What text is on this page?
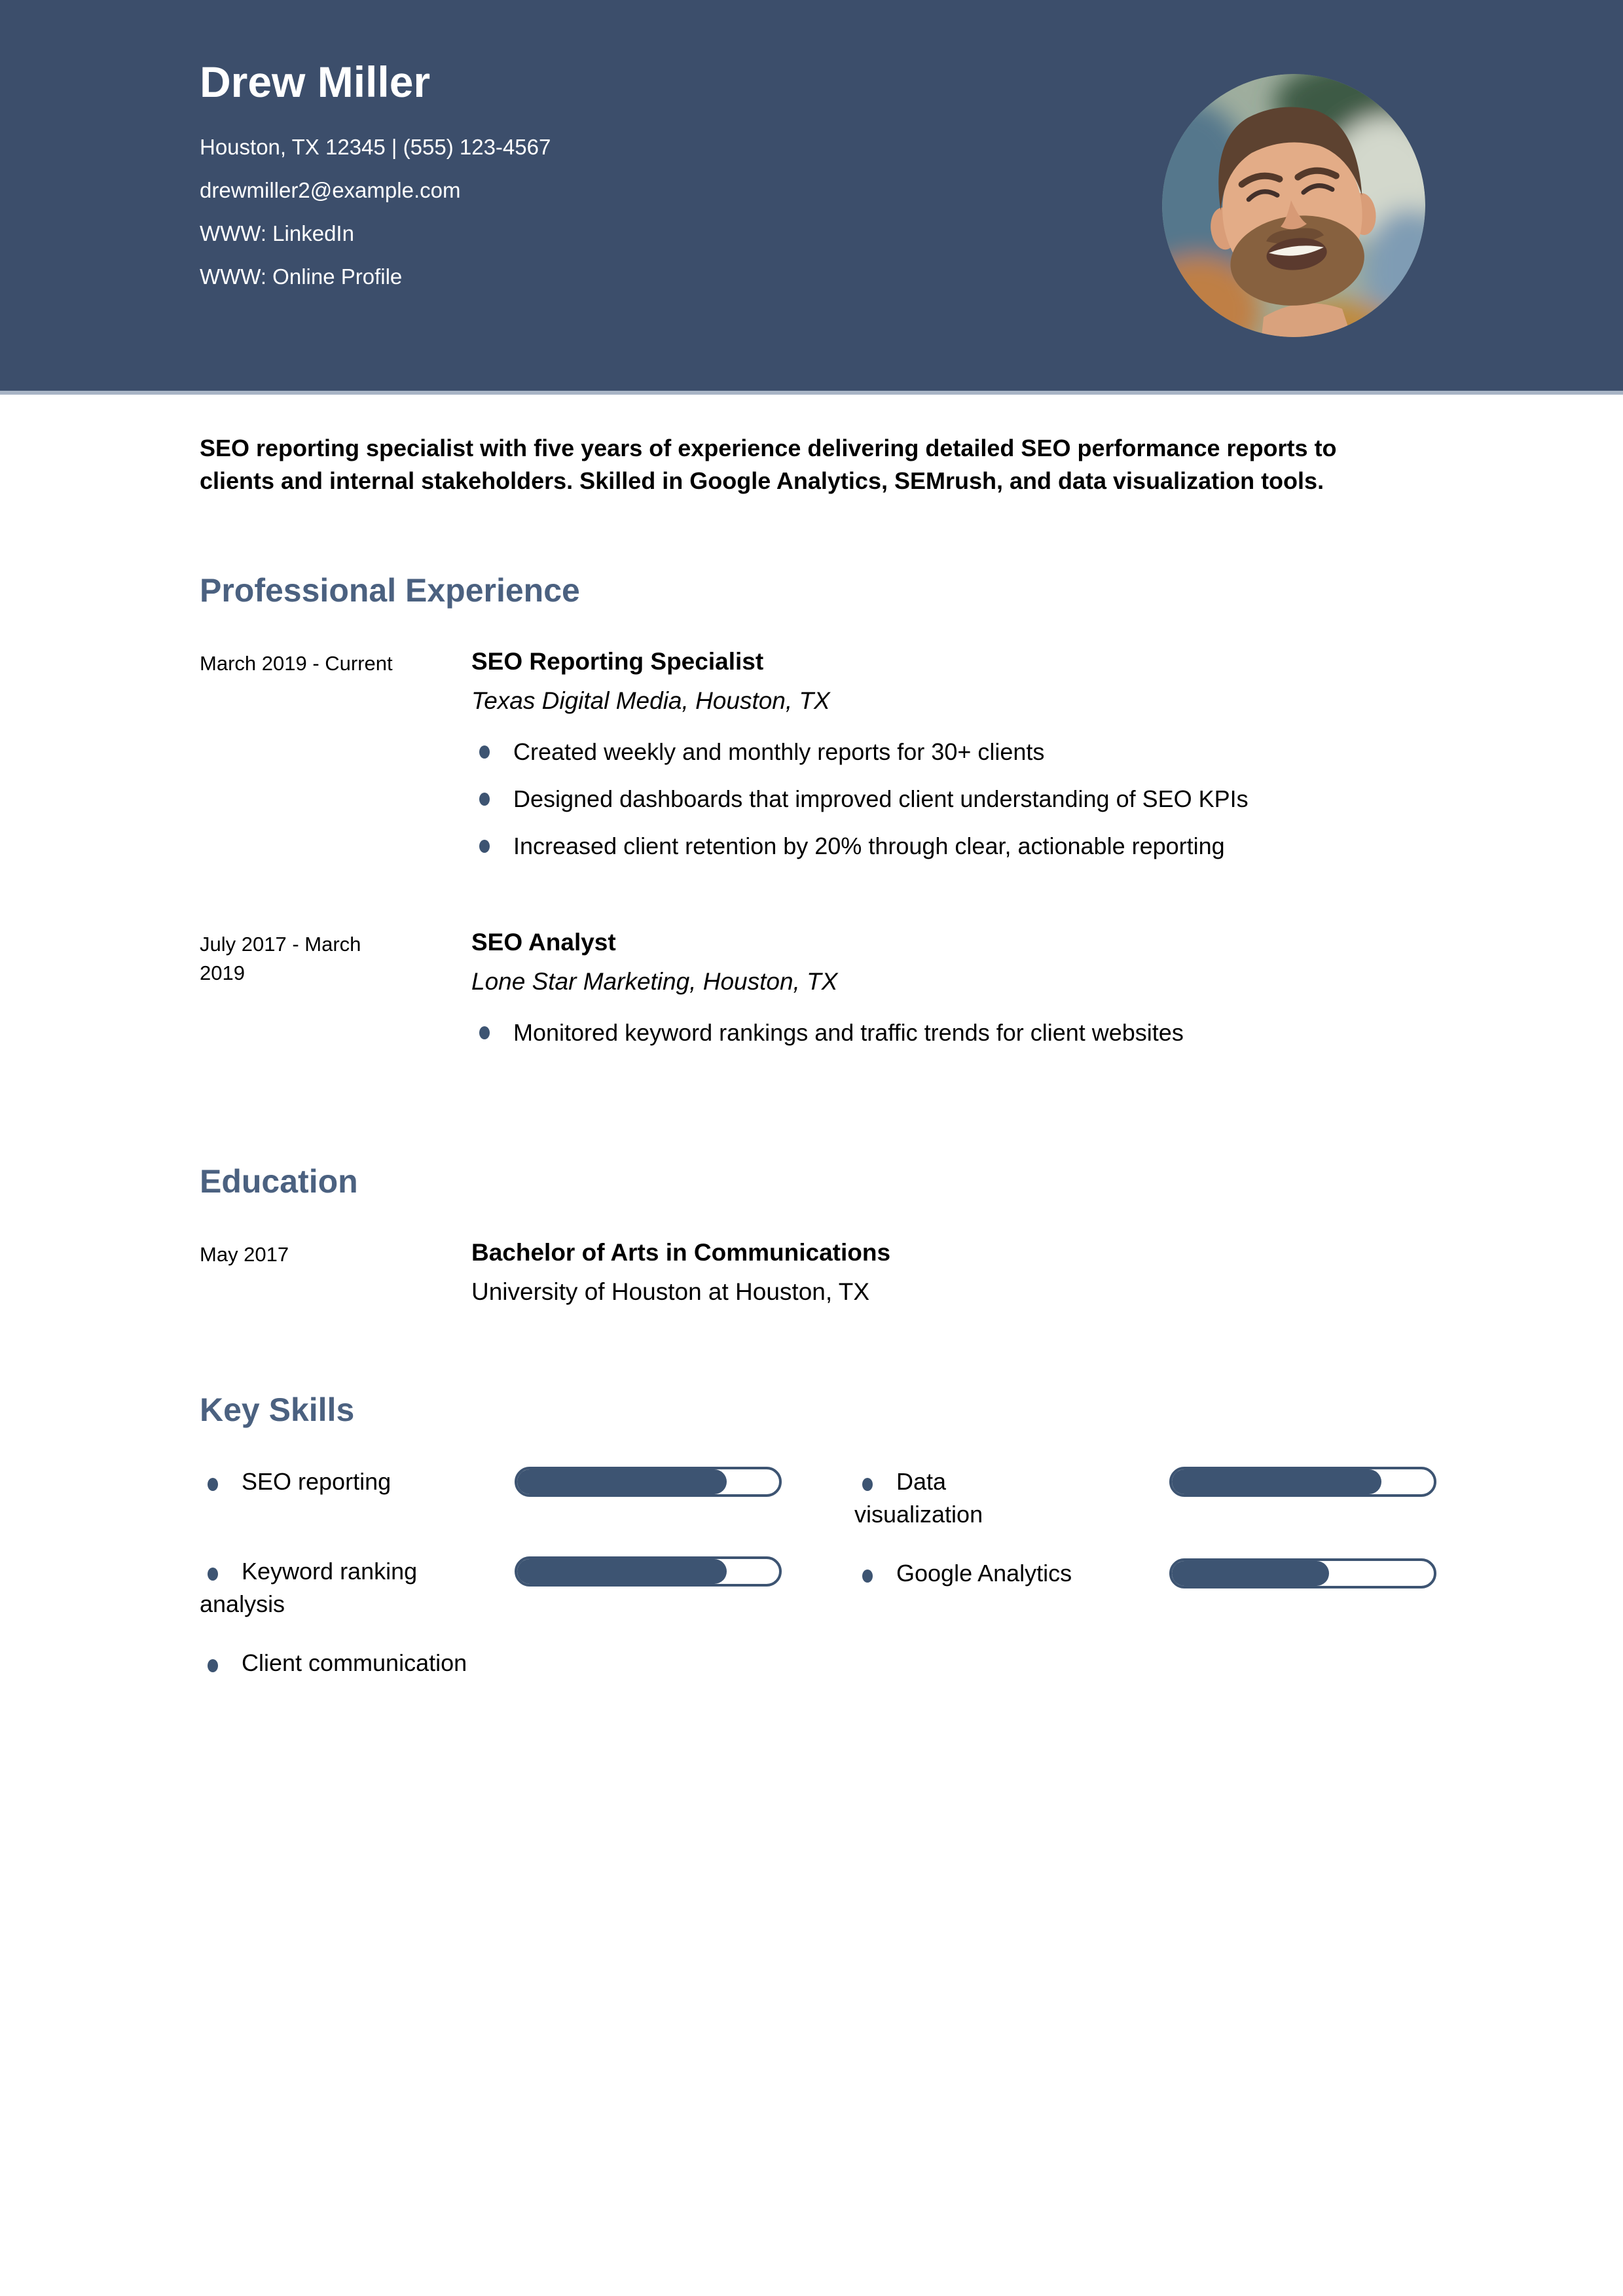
Drew Miller
Houston, TX 12345 | (555) 123-4567
drewmiller2@example.com
WWW: LinkedIn
WWW: Online Profile

SEO reporting specialist with five years of experience delivering detailed SEO performance reports to clients and internal stakeholders. Skilled in Google Analytics, SEMrush, and data visualization tools.

Professional Experience
March 2019 - Current	SEO Reporting Specialist
Texas Digital Media, Houston, TX
Created weekly and monthly reports for 30+ clients
Designed dashboards that improved client understanding of SEO KPIs
Increased client retention by 20% through clear, actionable reporting
July 2017 - March 2019
SEO Analyst
Lone Star Marketing, Houston, TX
Monitored keyword rankings and traffic trends for client websites
Education
May 2017	Bachelor of Arts in Communications
University of Houston at Houston, TX
Key Skills
SEO reporting
Keyword ranking analysis
Client communication
Data visualization
Google Analytics
